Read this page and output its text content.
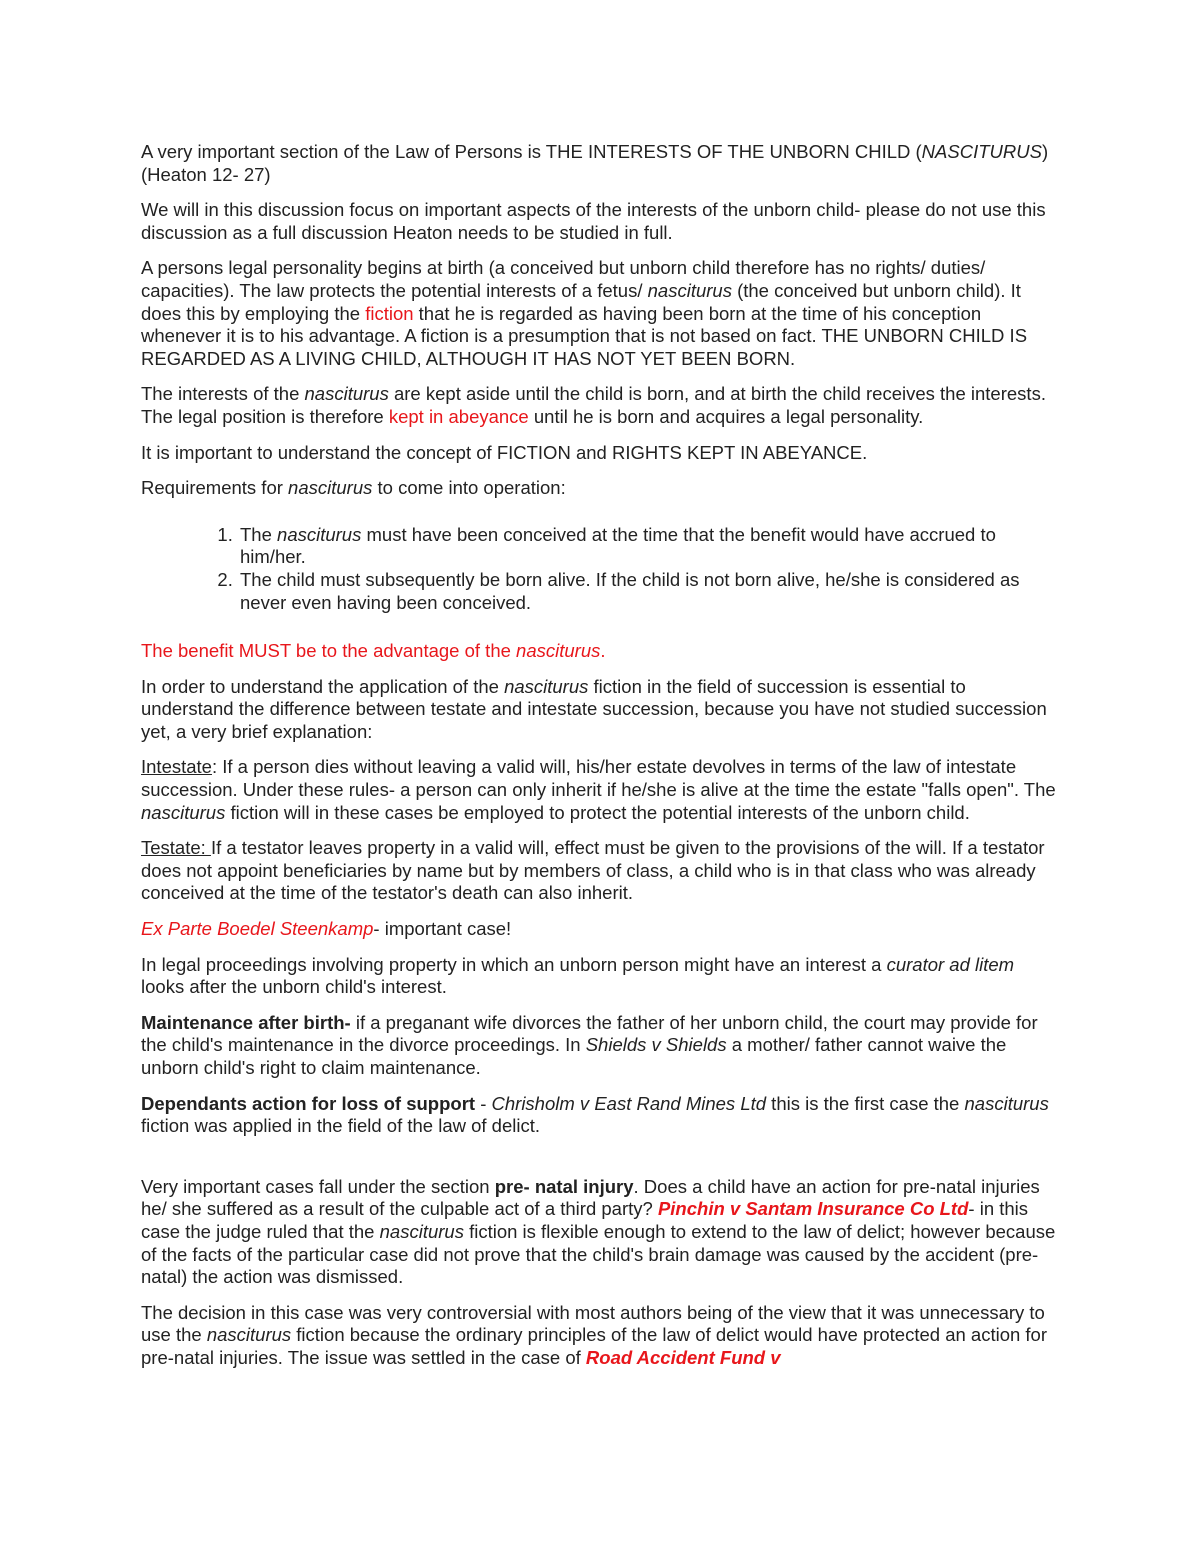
A very important section of the Law of Persons is THE INTERESTS OF THE UNBORN CHILD (NASCITURUS) (Heaton 12- 27)

We will in this discussion focus on important aspects of the interests of the unborn child- please do not use this discussion as a full discussion Heaton needs to be studied in full.

A persons legal personality begins at birth (a conceived but unborn child therefore has no rights/ duties/ capacities). The law protects the potential interests of a fetus/ nasciturus (the conceived but unborn child). It does this by employing the fiction that he is regarded as having been born at the time of his conception whenever it is to his advantage. A fiction is a presumption that is not based on fact. THE UNBORN CHILD IS REGARDED AS A LIVING CHILD, ALTHOUGH IT HAS NOT YET BEEN BORN.

The interests of the nasciturus are kept aside until the child is born, and at birth the child receives the interests. The legal position is therefore kept in abeyance until he is born and acquires a legal personality.

It is important to understand the concept of FICTION and RIGHTS KEPT IN ABEYANCE.

Requirements for nasciturus to come into operation:

1. The nasciturus must have been conceived at the time that the benefit would have accrued to him/her.
2. The child must subsequently be born alive. If the child is not born alive, he/she is considered as never even having been conceived.

The benefit MUST be to the advantage of the nasciturus.

In order to understand the application of the nasciturus fiction in the field of succession is essential to understand the difference between testate and intestate succession, because you have not studied succession yet, a very brief explanation:

Intestate: If a person dies without leaving a valid will, his/her estate devolves in terms of the law of intestate succession. Under these rules- a person can only inherit if he/she is alive at the time the estate "falls open". The nasciturus fiction will in these cases be employed to protect the potential interests of the unborn child.

Testate: If a testator leaves property in a valid will, effect must be given to the provisions of the will. If a testator does not appoint beneficiaries by name but by members of class, a child who is in that class who was already conceived at the time of the testator's death can also inherit.

Ex Parte Boedel Steenkamp- important case!

In legal proceedings involving property in which an unborn person might have an interest a curator ad litem looks after the unborn child's interest.

Maintenance after birth- if a preganant wife divorces the father of her unborn child, the court may provide for the child's maintenance in the divorce proceedings. In Shields v Shields a mother/ father cannot waive the unborn child's right to claim maintenance.

Dependants action for loss of support - Chrisholm v East Rand Mines Ltd this is the first case the nasciturus fiction was applied in the field of the law of delict.

Very important cases fall under the section pre- natal injury. Does a child have an action for pre-natal injuries he/ she suffered as a result of the culpable act of a third party? Pinchin v Santam Insurance Co Ltd- in this case the judge ruled that the nasciturus fiction is flexible enough to extend to the law of delict; however because of the facts of the particular case did not prove that the child's brain damage was caused by the accident (pre-natal) the action was dismissed.

The decision in this case was very controversial with most authors being of the view that it was unnecessary to use the nasciturus fiction because the ordinary principles of the law of delict would have protected an action for pre-natal injuries. The issue was settled in the case of Road Accident Fund v
